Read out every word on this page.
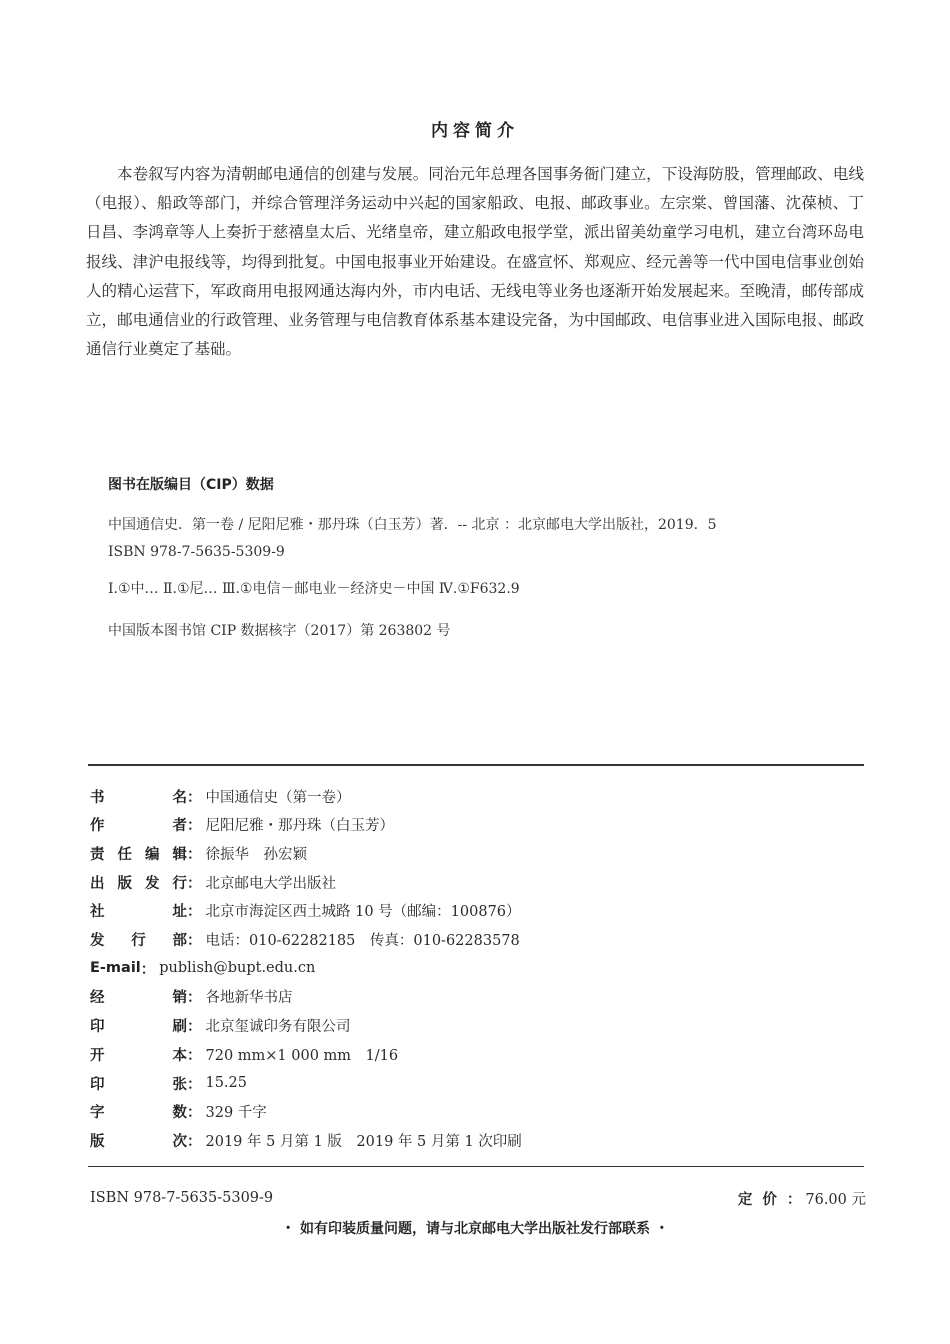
内容简介

本卷叙写内容为清朝邮电通信的创建与发展。同治元年总理各国事务衙门建立，下设海防股，管理邮政、电线（电报）、船政等部门，并综合管理洋务运动中兴起的国家船政、电报、邮政事业。左宗棠、曾国藩、沈葆桢、丁日昌、李鸿章等人上奏折于慈禧皇太后、光绪皇帝，建立船政电报学堂，派出留美幼童学习电机，建立台湾环岛电报线、津沪电报线等，均得到批复。中国电报事业开始建设。在盛宣怀、郑观应、经元善等一代中国电信事业创始人的精心运营下，军政商用电报网通达海内外，市内电话、无线电等业务也逐渐开始发展起来。至晚清，邮传部成立，邮电通信业的行政管理、业务管理与电信教育体系基本建设完备，为中国邮政、电信事业进入国际电报、邮政通信行业奠定了基础。

图书在版编目（CIP）数据
中国通信史．第一卷 / 尼阳尼雅・那丹珠（白玉芳）著．-- 北京 ：北京邮电大学出版社，2019．5
ISBN 978-7-5635-5309-9
Ⅰ.①中… Ⅱ.①尼… Ⅲ.①电信－邮电业－经济史－中国 Ⅳ.①F632.9
中国版本图书馆 CIP 数据核字（2017）第 263802 号
书	名 ： 中国通信史（第一卷）
作	者 ： 尼阳尼雅・那丹珠（白玉芳）
责 任 编 辑 ： 徐振华　孙宏颖
出 版 发 行 ： 北京邮电大学出版社
社	址 ： 北京市海淀区西土城路 10 号（邮编：100876）
发 行 部 ： 电话：010-62282185　传真：010-62283578
E-mail ： publish@bupt.edu.cn
经	销 ： 各地新华书店
印	刷 ： 北京玺诚印务有限公司
开	本 ： 720 mm×1 000 mm　1/16
印	张 ： 15.25
字	数 ： 329 千字
版	次 ： 2019 年 5 月第 1 版　2019 年 5 月第 1 次印刷
ISBN 978-7-5635-5309-9	定价： 76.00 元
・ 如有印装质量问题，请与北京邮电大学出版社发行部联系 ・
